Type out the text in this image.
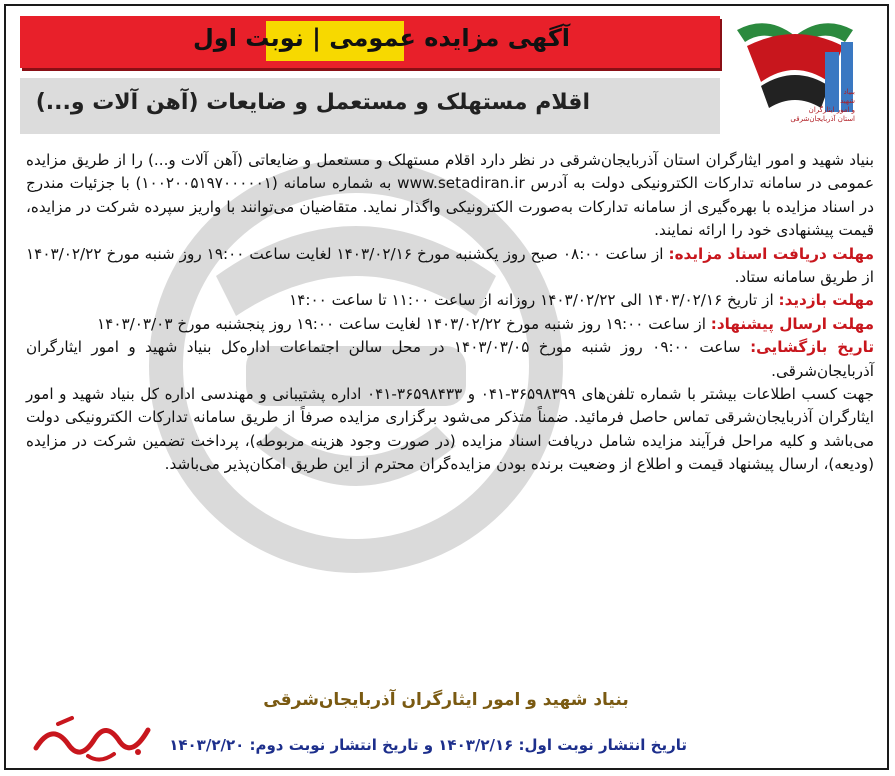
آگهی مزایده عمومی | نوبت اول
اقلام مستهلک و مستعمل و ضایعات (آهن آلات و...)	بنیاد
شهید
و امور ایثارگران
استان آذربایجان‌شرقی

بنیاد شهید و امور ایثارگران استان آذربایجان‌شرقی در نظر دارد اقلام مستهلک و مستعمل و ضایعاتی (آهن آلات و...) را از طریق مزایده عمومی در سامانه تدارکات الکترونیکی دولت به آدرس www.setadiran.ir به شماره سامانه (۱۰۰۲۰۰۵۱۹۷۰۰۰۰۰۱) با جزئیات مندرج در اسناد مزایده با بهره‌گیری از سامانه تدارکات به‌صورت الکترونیکی واگذار نماید. متقاضیان می‌توانند با واریز سپرده شرکت در مزایده، قیمت پیشنهادی خود را ارائه نمایند.

مهلت دریافت اسناد مزایده: از ساعت ۰۸:۰۰ صبح روز یکشنبه مورخ ۱۴۰۳/۰۲/۱۶ لغایت ساعت ۱۹:۰۰ روز شنبه مورخ ۱۴۰۳/۰۲/۲۲ از طریق سامانه ستاد.

مهلت بازدید: از تاریخ ۱۴۰۳/۰۲/۱۶ الی ۱۴۰۳/۰۲/۲۲ روزانه از ساعت ۱۱:۰۰ تا ساعت ۱۴:۰۰

مهلت ارسال پیشنهاد: از ساعت ۱۹:۰۰ روز شنبه مورخ ۱۴۰۳/۰۲/۲۲ لغایت ساعت ۱۹:۰۰ روز پنجشنبه مورخ ۱۴۰۳/۰۳/۰۳

تاریخ بازگشایی: ساعت ۰۹:۰۰ روز شنبه مورخ ۱۴۰۳/۰۳/۰۵ در محل سالن اجتماعات اداره‌کل بنیاد شهید و امور ایثارگران آذربایجان‌شرقی.

جهت کسب اطلاعات بیشتر با شماره تلفن‌های ۳۶۵۹۸۳۹۹-۰۴۱ و ۳۶۵۹۸۴۳۳-۰۴۱ اداره پشتیبانی و مهندسی اداره کل بنیاد شهید و امور ایثارگران آذربایجان‌شرقی تماس حاصل فرمائید. ضمناً متذکر می‌شود برگزاری مزایده صرفاً از طریق سامانه تدارکات الکترونیکی دولت می‌باشد و کلیه مراحل فرآیند مزایده شامل دریافت اسناد مزایده (در صورت وجود هزینه مربوطه)، پرداخت تضمین شرکت در مزایده (ودیعه)، ارسال پیشنهاد قیمت و اطلاع از وضعیت برنده بودن مزایده‌گران محترم از این طریق امکان‌پذیر می‌باشد.

بنیاد شهید و امور ایثارگران آذربایجان‌شرقی
تاریخ انتشار نوبت اول: ۱۴۰۳/۲/۱۶ و تاریخ انتشار نوبت دوم: ۱۴۰۳/۲/۲۰
